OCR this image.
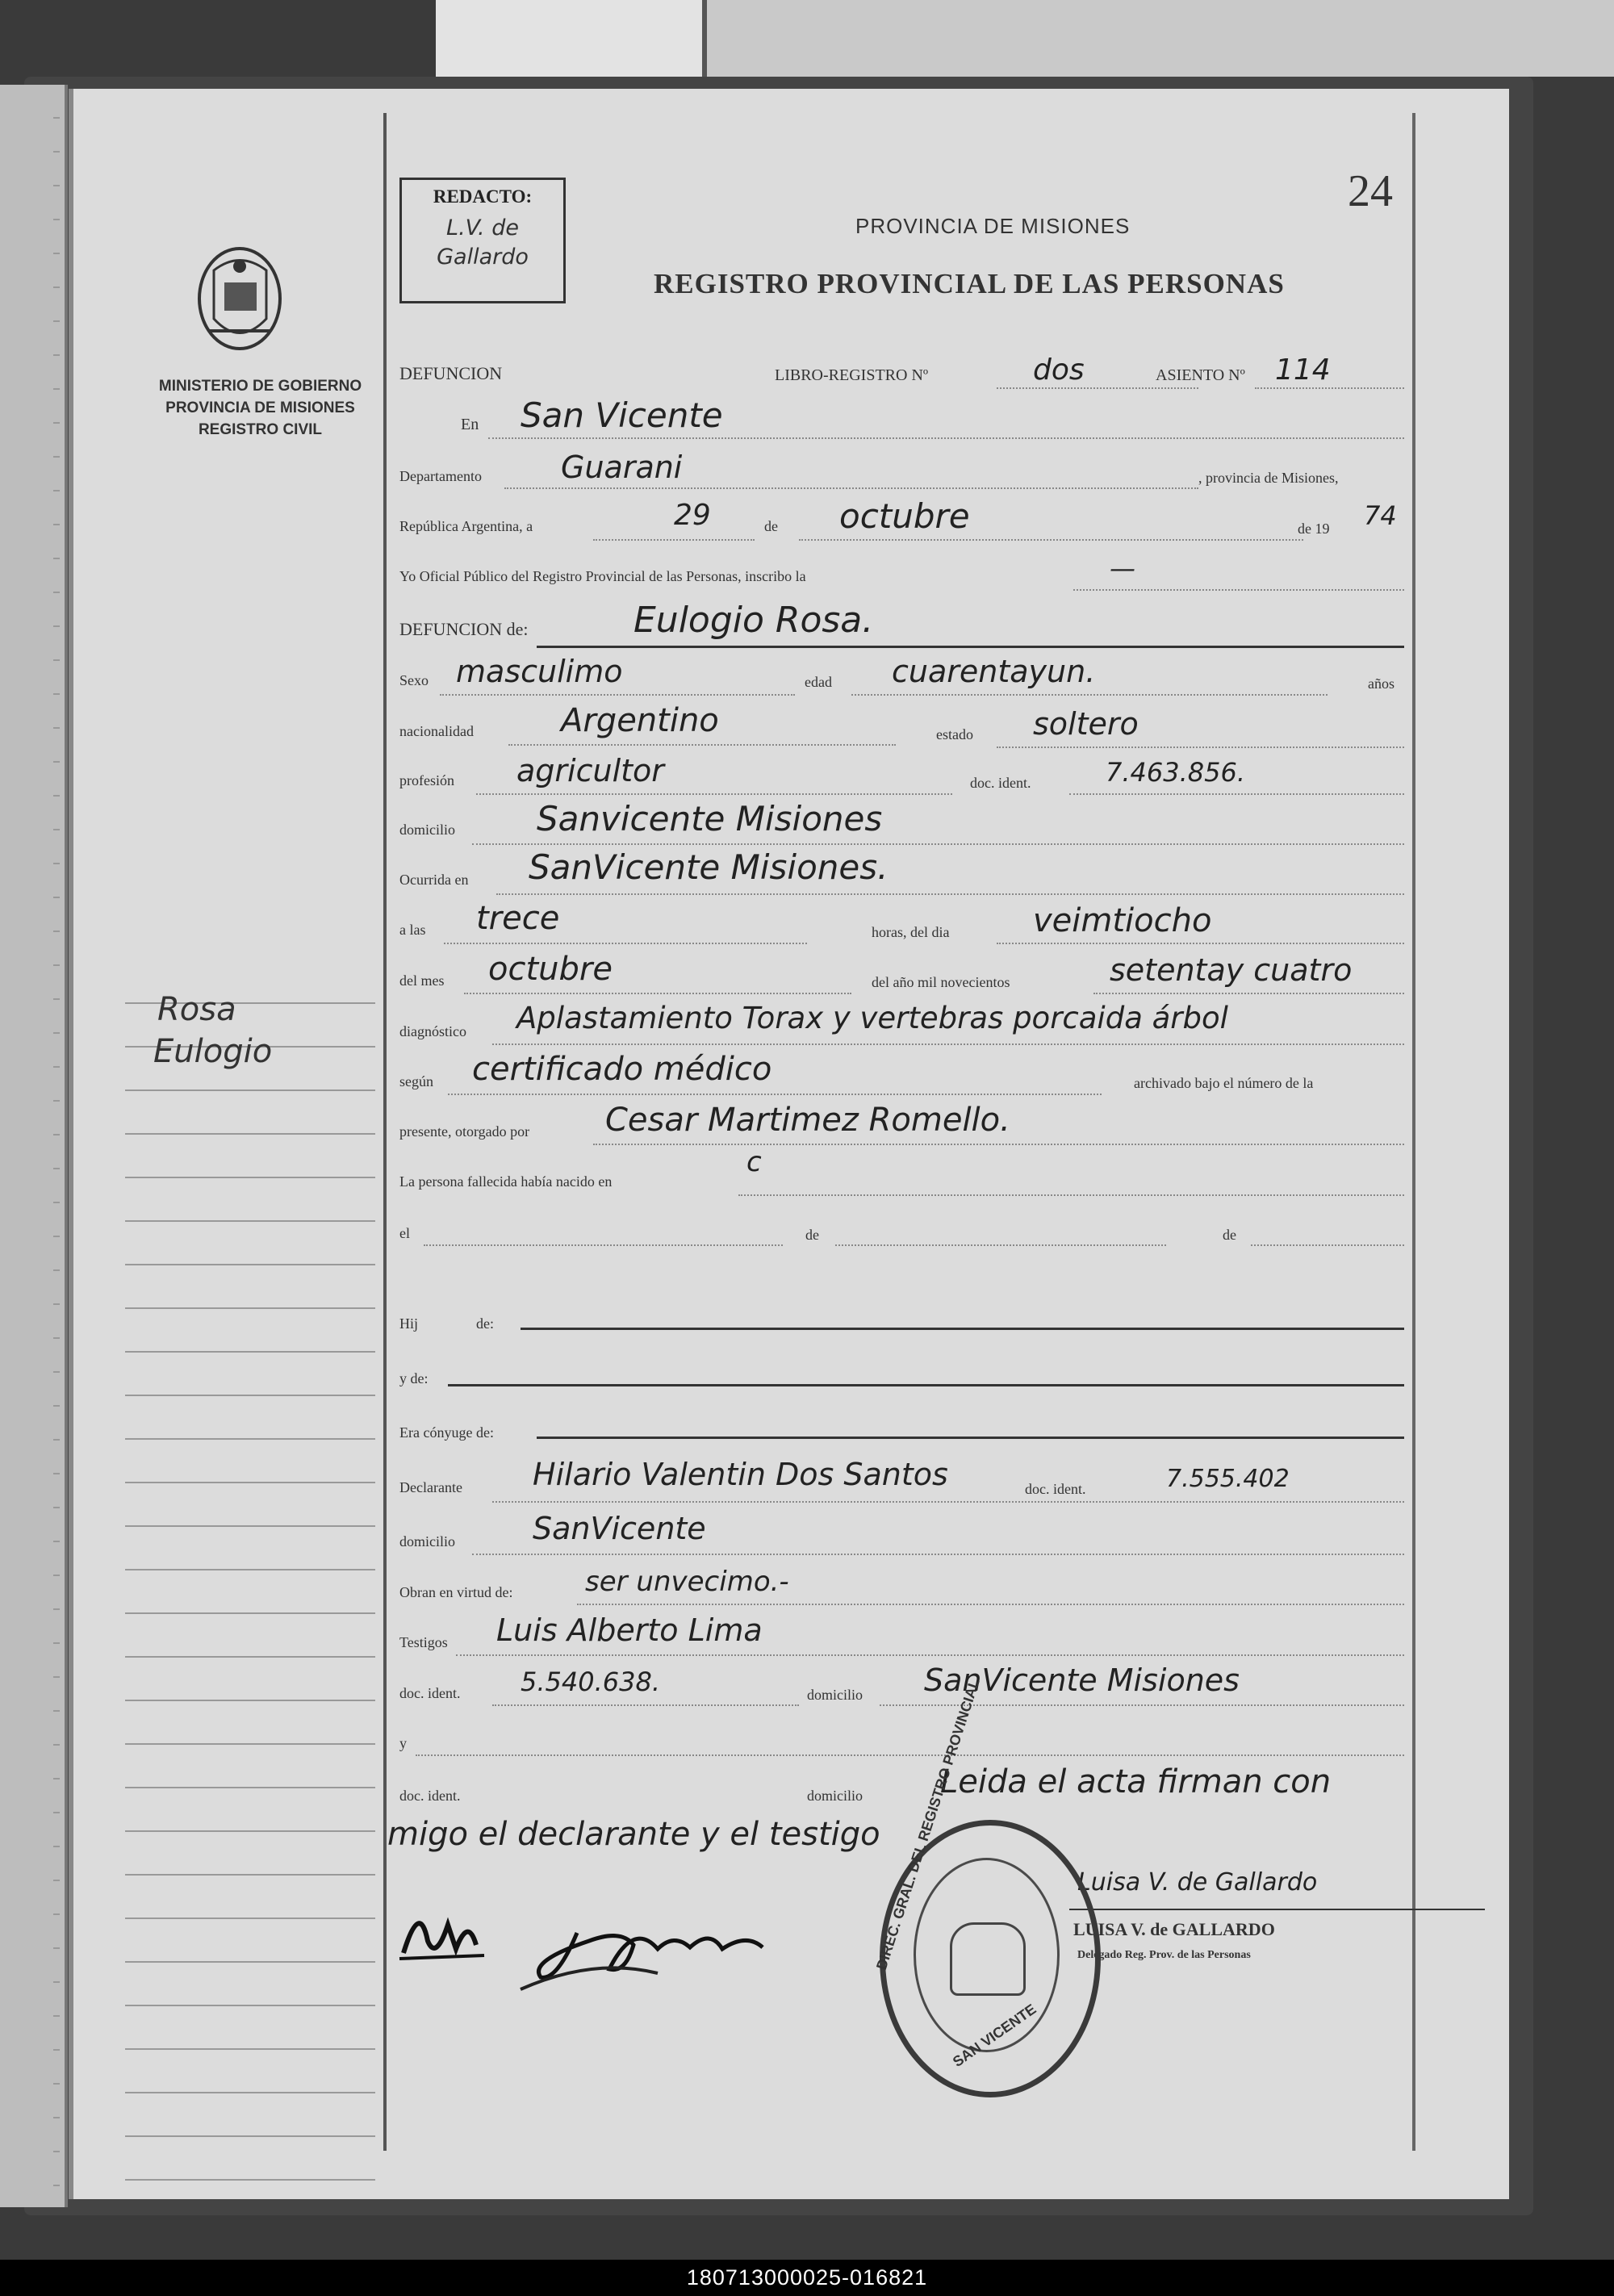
MINISTERIO DE GOBIERNO
PROVINCIA DE MISIONES
REGISTRO CIVIL
Rosa
Eulogio
REDACTO:
L.V. de
Gallardo
24
PROVINCIA DE MISIONES
REGISTRO PROVINCIAL DE LAS PERSONAS
DEFUNCION	LIBRO-REGISTRO Nº	dos	ASIENTO Nº 114
En San Vicente
Departamento	Guarani	, provincia de Misiones,
República Argentina, a	29	de octubre	de 19 74
Yo Oficial Público del Registro Provincial de las Personas, inscribo la	—
DEFUNCION de:	Eulogio Rosa.
Sexo masculimo	edad cuarentayun.	años
nacionalidad	Argentino	estado soltero
profesión agricultor	doc. ident.	7.463.856.
domicilio Sanvicente Misiones
Ocurrida en SanVicente Misiones.
a las trece	horas, del dia	veimtiocho
del mes octubre	del año mil novecientos	setentay cuatro
diagnóstico Aplastamiento Torax y vertebras porcaida árbol
según certificado médico	archivado bajo el número de la
presente, otorgado por Cesar Martimez Romello.
La persona fallecida había nacido en
c
el	de	de
Hij	de:
y de:
Era cónyuge de:
Declarante Hilario Valentin Dos Santos	doc. ident.	7.555.402
domicilio	SanVicente
Obran en virtud de:	ser unvecimo.-
Testigos Luis Alberto Lima
doc. ident. 5.540.638.	domicilio SanVicente Misiones
y
doc. ident.	domicilio Leida el acta firman con
migo el declarante y el testigo
Luisa V. de Gallardo
LUISA V. de GALLARDO
Delegado Reg. Prov. de las Personas
DIREC. GRAL. DEL REGISTRO PROVINCIAL
SAN VICENTE
180713000025-016821
